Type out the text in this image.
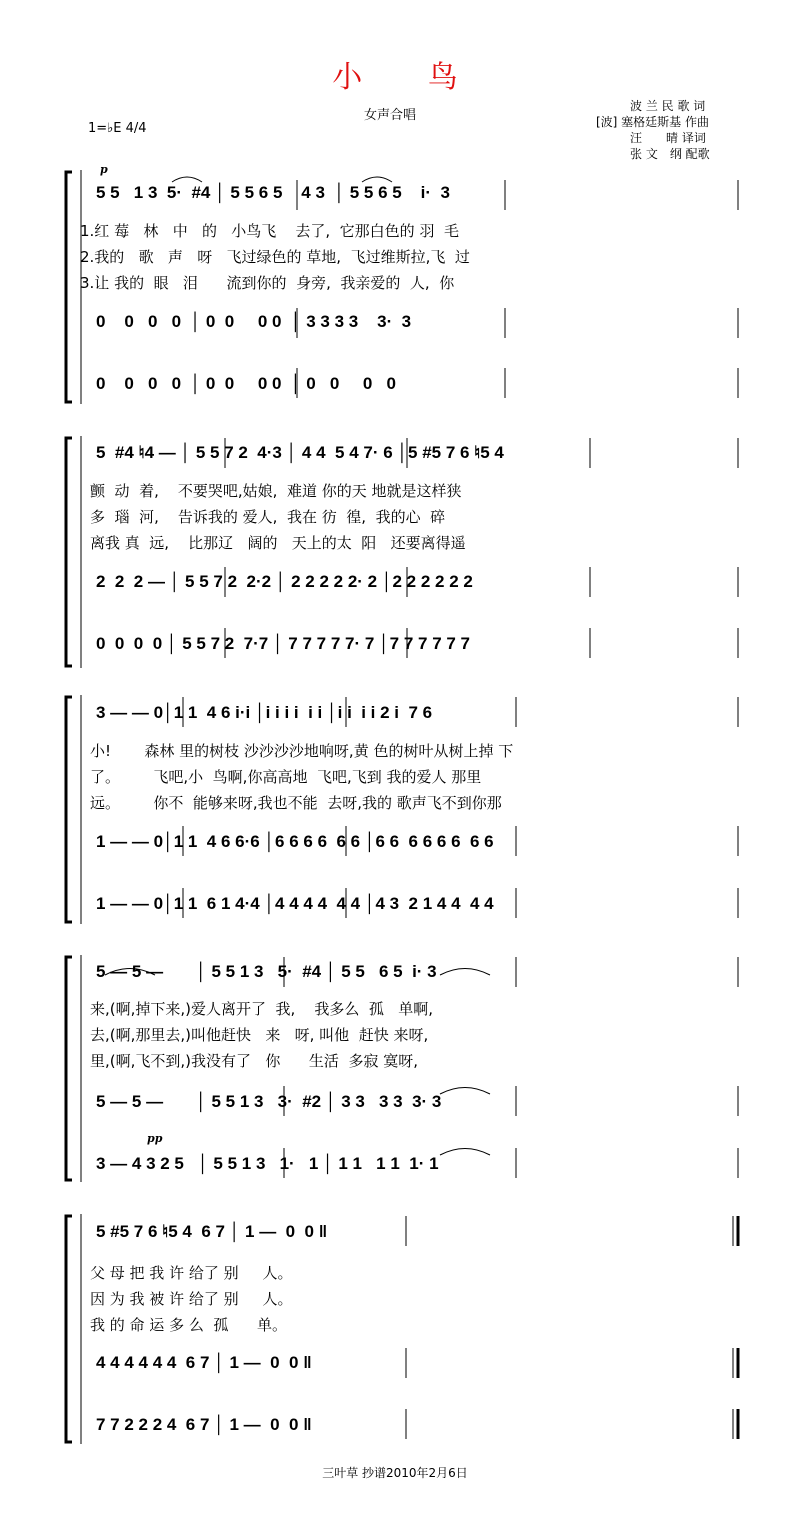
小 鸟
女声合唱
波 兰 民 歌 词
[波] 塞格廷斯基 作曲
汪　　晴 译词
张 文　纲 配歌
1=♭E 4/4
p
5 5   1 3  5·  #4 │ 5 5 6 5    4 3  │ 5 5 6 5    i·  3
1.红 莓   林   中   的   小鸟飞    去了,  它那白色的 羽  毛
2.我的   歌   声   呀   飞过绿色的 草地,  飞过维斯拉,飞  过
3.让 我的  眼   泪      流到你的  身旁,  我亲爱的  人,  你
0    0   0   0  │ 0  0     0 0  │ 3 3 3 3    3·  3
0    0   0   0  │ 0  0     0 0  │ 0   0     0   0
5  #4 ♮4 — │ 5 5 7 2  4·3 │ 4 4  5 4 7· 6 │5 #5 7 6 ♮5 4
颤  动  着,    不要哭吧,姑娘,  难道 你的天 地就是这样狭
多  瑙  河,    告诉我的 爱人,  我在 彷  徨,  我的心  碎
离我 真  远,    比那辽   阔的   天上的太  阳   还要离得遥
2  2  2 — │ 5 5 7 2  2·2 │ 2 2 2 2 2· 2 │2 2 2 2 2 2
0  0  0  0 │ 5 5 7 2  7·7 │ 7 7 7 7 7· 7 │7 7 7 7 7 7
3 — — 0│1 1  4 6 i·i │i i i i  i i │i i  i i 2 i  7 6
小!       森林 里的树枝 沙沙沙沙地响呀,黄 色的树叶从树上掉 下
了。       飞吧,小  鸟啊,你高高地  飞吧,飞到 我的爱人 那里
远。       你不  能够来呀,我也不能  去呀,我的 歌声飞不到你那
1 — — 0│1 1  4 6 6·6 │6 6 6 6  6 6 │6 6  6 6 6 6  6 6
1 — — 0│1 1  6 1 4·4 │4 4 4 4  4 4 │4 3  2 1 4 4  4 4
5 — 5 —       │ 5 5 1 3   5·  #4 │ 5 5   6 5  i· 3
来,(啊,掉下来,)爱人离开了  我,    我多么  孤   单啊,
去,(啊,那里去,)叫他赶快   来   呀, 叫他  赶快 来呀,
里,(啊,飞不到,)我没有了   你      生活  多寂 寞呀,
5 — 5 —       │ 5 5 1 3   3·  #2 │ 3 3   3 3  3· 3
pp
3 — 4 3 2 5   │ 5 5 1 3   1·   1 │ 1 1   1 1  1· 1
5 #5 7 6 ♮5 4  6 7 │ 1 —  0  0 ‖
父 母 把 我 许 给了 别     人。
因 为 我 被 许 给了 别     人。
我 的 命 运 多 么  孤      单。
4 4 4 4 4 4  6 7 │ 1 —  0  0 ‖
7 7 2 2 2 4  6 7 │ 1 —  0  0 ‖
三叶草 抄谱2010年2月6日
